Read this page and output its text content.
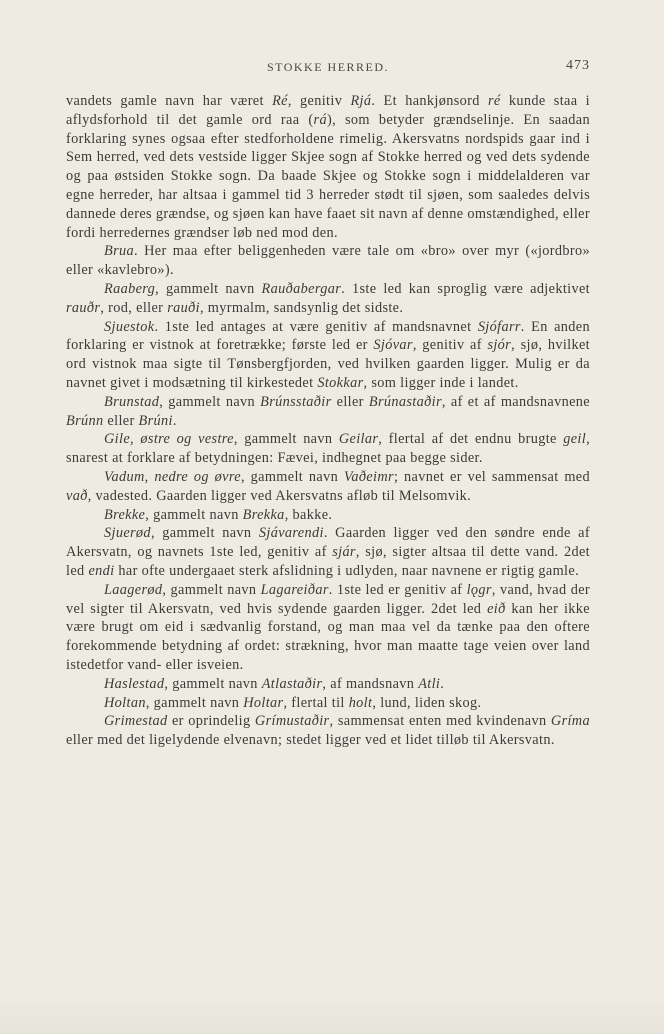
STOKKE HERRED.	473

vandets gamle navn har været Ré, genitiv Rjá. Et hankjønsord ré kunde staa i aflydsforhold til det gamle ord raa (rá), som betyder grændselinje. En saadan forklaring synes ogsaa efter stedforholdene rimelig. Akersvatns nordspids gaar ind i Sem herred, ved dets vestside ligger Skjee sogn af Stokke herred og ved dets sydende og paa østsiden Stokke sogn. Da baade Skjee og Stokke sogn i middelalderen var egne herreder, har altsaa i gammel tid 3 herreder stødt til sjøen, som saaledes delvis dannede deres grændse, og sjøen kan have faaet sit navn af denne omstændighed, eller fordi herredernes grændser løb ned mod den.

Brua. Her maa efter beliggenheden være tale om «bro» over myr («jordbro» eller «kavlebro»).

Raaberg, gammelt navn Rauðabergar. 1ste led kan sproglig være adjektivet rauðr, rod, eller rauði, myrmalm, sandsynlig det sidste.

Sjuestok. 1ste led antages at være genitiv af mandsnavnet Sjófarr. En anden forklaring er vistnok at foretrække; første led er Sjóvar, genitiv af sjór, sjø, hvilket ord vistnok maa sigte til Tønsbergfjorden, ved hvilken gaarden ligger. Mulig er da navnet givet i modsætning til kirkestedet Stokkar, som ligger inde i landet.

Brunstad, gammelt navn Brúnsstaðir eller Brúnastaðir, af et af mandsnavnene Brúnn eller Brúni.

Gile, østre og vestre, gammelt navn Geilar, flertal af det endnu brugte geil, snarest at forklare af betydningen: Fævei, indhegnet paa begge sider.

Vadum, nedre og øvre, gammelt navn Vaðeimr; navnet er vel sammensat med vað, vadested. Gaarden ligger ved Akersvatns afløb til Melsomvik.

Brekke, gammelt navn Brekka, bakke.

Sjuerød, gammelt navn Sjávarendi. Gaarden ligger ved den søndre ende af Akersvatn, og navnets 1ste led, genitiv af sjár, sjø, sigter altsaa til dette vand. 2det led endi har ofte undergaaet sterk afslidning i udlyden, naar navnene er rigtig gamle.

Laagerød, gammelt navn Lagareiðar. 1ste led er genitiv af lǫgr, vand, hvad der vel sigter til Akersvatn, ved hvis sydende gaarden ligger. 2det led eið kan her ikke være brugt om eid i sædvanlig forstand, og man maa vel da tænke paa den oftere forekommende betydning af ordet: strækning, hvor man maatte tage veien over land istedetfor vand- eller isveien.

Haslestad, gammelt navn Atlastaðir, af mandsnavn Atli.

Holtan, gammelt navn Holtar, flertal til holt, lund, liden skog.

Grimestad er oprindelig Grímustaðir, sammensat enten med kvindenavn Gríma eller med det ligelydende elvenavn; stedet ligger ved et lidet tilløb til Akersvatn.
